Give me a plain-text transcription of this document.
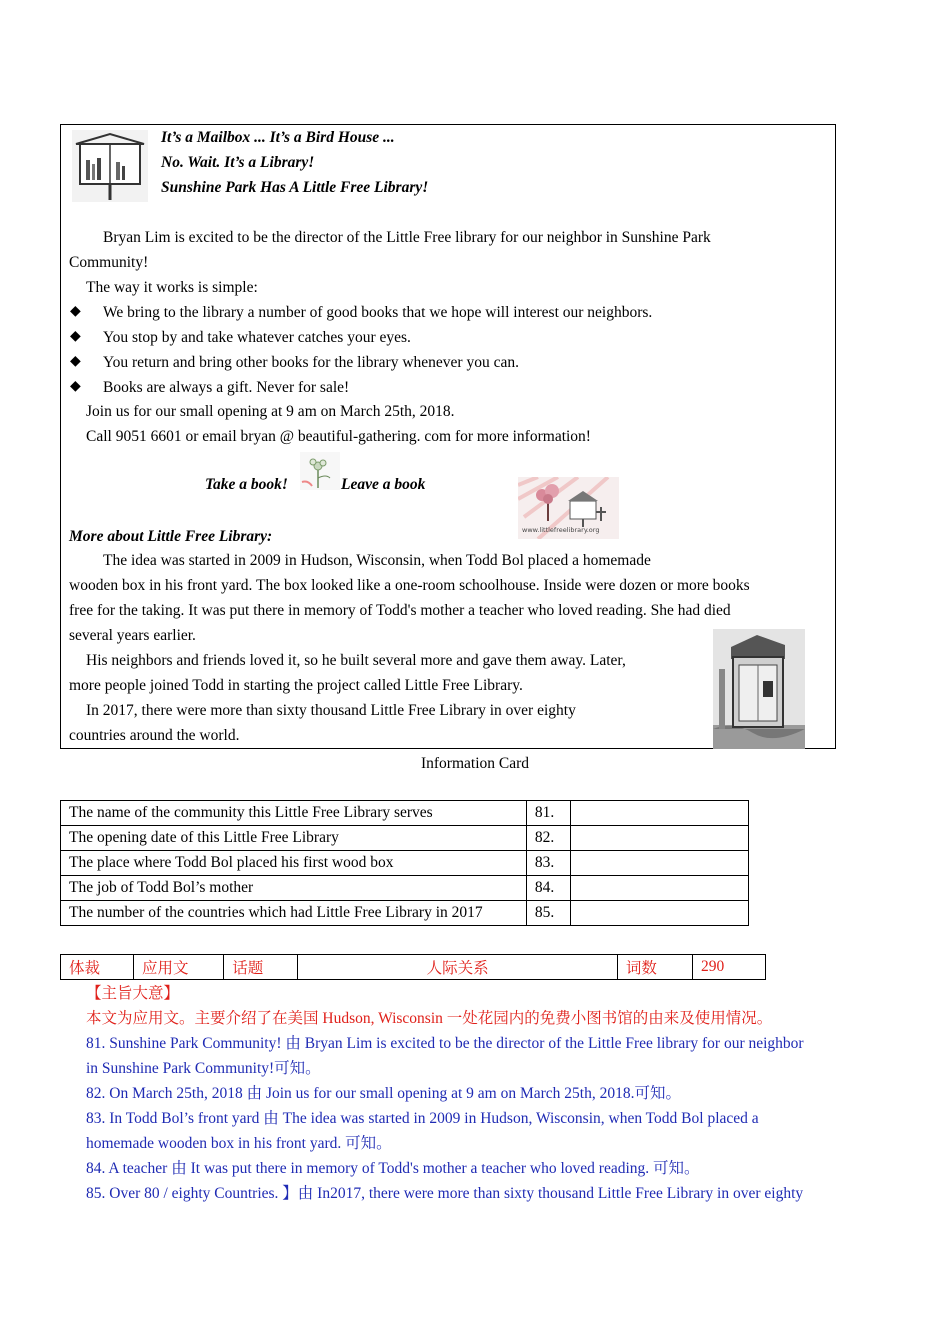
It’s a Mailbox ... It’s a Bird House ...
No. Wait. It’s a Library!
Sunshine Park Has A Little Free Library!
Bryan Lim is excited to be the director of the Little Free library for our neighbor in Sunshine Park
Community!
The way it works is simple:
◆ We bring to the library a number of good books that we hope will interest our neighbors.
◆ You stop by and take whatever catches your eyes.
◆ You return and bring other books for the library whenever you can.
◆ Books are always a gift. Never for sale!
Join us for our small opening at 9 am on March 25th, 2018.
Call 9051 6601 or email bryan @ beautiful-gathering. com for more information!
Take a book!	Leave a book
www.littlefreelibrary.org
More about Little Free Library:
The idea was started in 2009 in Hudson, Wisconsin, when Todd Bol placed a homemade
wooden box in his front yard. The box looked like a one-room schoolhouse. Inside were dozen or more books
free for the taking. It was put there in memory of Todd's mother a teacher who loved reading. She had died
several years earlier.
His neighbors and friends loved it, so he built several more and gave them away. Later,
more people joined Todd in starting the project called Little Free Library.
In 2017, there were more than sixty thousand Little Free Library in over eighty
countries around the world.
Information Card
The name of the community this Little Free Library serves	81.	
The opening date of this Little Free Library	82.	
The place where Todd Bol placed his first wood box	83.	
The job of Todd Bol’s mother	84.	
The number of the countries which had Little Free Library in 2017	85.	
体裁	应用文	话题	人际关系	词数	290
【主旨大意】
本文为应用文。主要介绍了在美国 Hudson, Wisconsin 一处花园内的免费小图书馆的由来及使用情况。
81. Sunshine Park Community! 由 Bryan Lim is excited to be the director of the Little Free library for our neighbor
in Sunshine Park Community!可知。
82. On March 25th, 2018 由 Join us for our small opening at 9 am on March 25th, 2018.可知。
83. In Todd Bol’s front yard 由 The idea was started in 2009 in Hudson, Wisconsin, when Todd Bol placed a
homemade wooden box in his front yard. 可知。
84. A teacher 由 It was put there in memory of Todd's mother a teacher who loved reading. 可知。
85. Over 80 / eighty Countries. 】由 In2017, there were more than sixty thousand Little Free Library in over eighty
